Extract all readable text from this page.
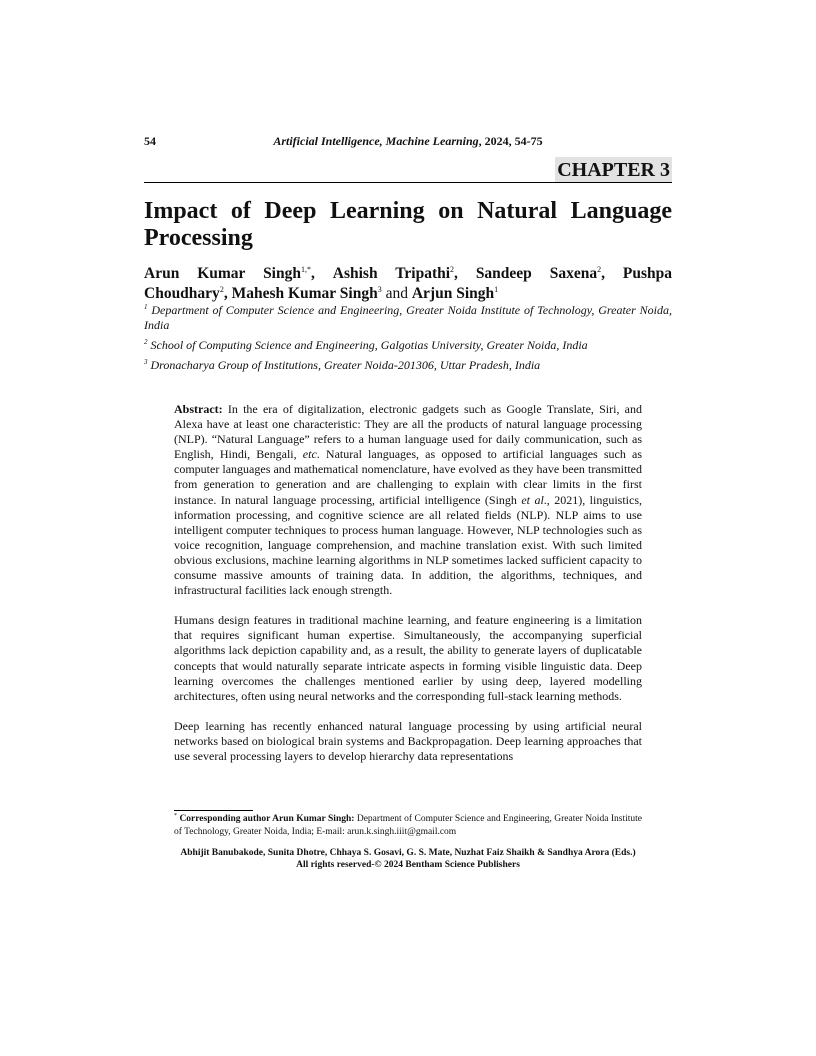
54	Artificial Intelligence, Machine Learning, 2024, 54-75
CHAPTER 3
Impact of Deep Learning on Natural Language
Processing
Arun Kumar Singh$^{1,*}$, Ashish Tripathi$^2$, Sandeep Saxena$^2$, Pushpa
Choudhary$^2$, Mahesh Kumar Singh$^3$ and Arjun Singh$^1$
$^1$ Department of Computer Science and Engineering, Greater Noida Institute of Technology, Greater Noida, India
$^2$ School of Computing Science and Engineering, Galgotias University, Greater Noida, India
$^3$ Dronacharya Group of Institutions, Greater Noida-201306, Uttar Pradesh, India

Abstract: In the era of digitalization, electronic gadgets such as Google Translate, Siri, and Alexa have at least one characteristic: They are all the products of natural language processing (NLP). “Natural Language” refers to a human language used for daily communication, such as English, Hindi, Bengali, etc. Natural languages, as opposed to artificial languages such as computer languages and mathematical nomenclature, have evolved as they have been transmitted from generation to generation and are challenging to explain with clear limits in the first instance. In natural language processing, artificial intelligence (Singh et al., 2021), linguistics, information processing, and cognitive science are all related fields (NLP). NLP aims to use intelligent computer techniques to process human language. However, NLP technologies such as voice recognition, language comprehension, and machine translation exist. With such limited obvious exclusions, machine learning algorithms in NLP sometimes lacked sufficient capacity to consume massive amounts of training data. In addition, the algorithms, techniques, and infrastructural facilities lack enough strength.

Humans design features in traditional machine learning, and feature engineering is a limitation that requires significant human expertise. Simultaneously, the accompanying superficial algorithms lack depiction capability and, as a result, the ability to generate layers of duplicatable concepts that would naturally separate intricate aspects in forming visible linguistic data. Deep learning overcomes the challenges mentioned earlier by using deep, layered modelling architectures, often using neural networks and the corresponding full-stack learning methods.

Deep learning has recently enhanced natural language processing by using artificial neural networks based on biological brain systems and Backpropagation. Deep learning approaches that use several processing layers to develop hierarchy data representations

* Corresponding author Arun Kumar Singh: Department of Computer Science and Engineering, Greater Noida Institute of Technology, Greater Noida, India; E-mail: arun.k.singh.iiit@gmail.com
Abhijit Banubakode, Sunita Dhotre, Chhaya S. Gosavi, G. S. Mate, Nuzhat Faiz Shaikh & Sandhya Arora (Eds.)
All rights reserved-© 2024 Bentham Science Publishers
